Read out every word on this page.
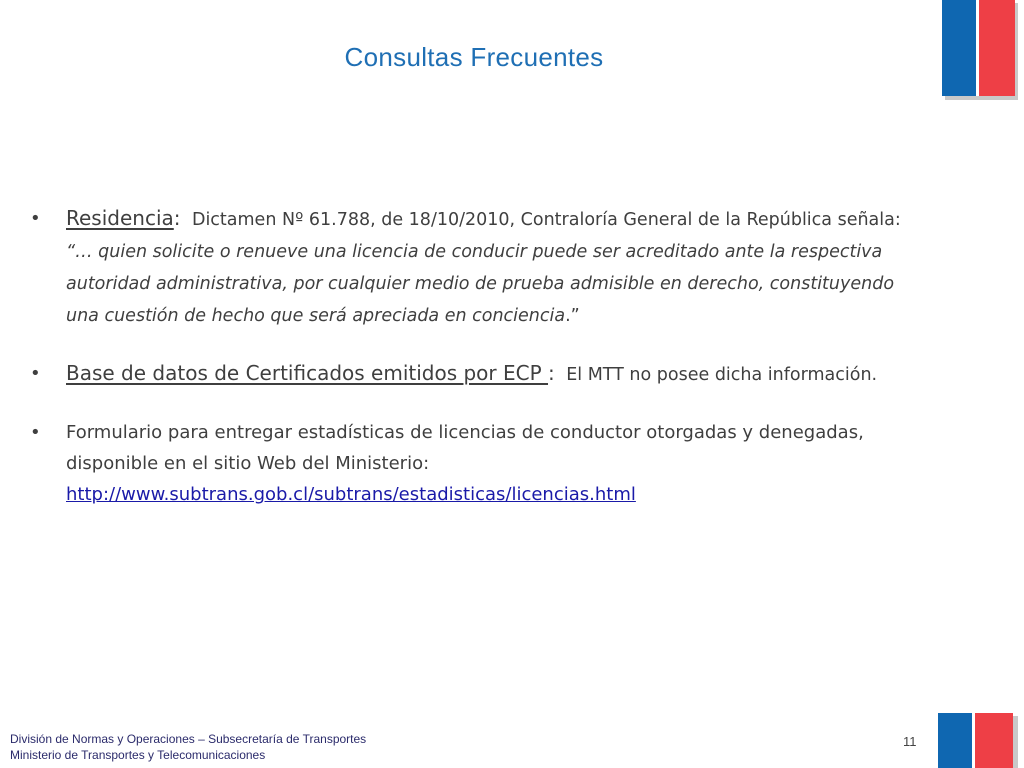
Consultas Frecuentes
• Residencia: Dictamen Nº 61.788, de 18/10/2010, Contraloría General de la República señala: “… quien solicite o renueve una licencia de conducir puede ser acreditado ante la respectiva autoridad administrativa, por cualquier medio de prueba admisible en derecho, constituyendo una cuestión de hecho que será apreciada en conciencia.”
• Base de datos de Certificados emitidos por ECP : El MTT no posee dicha información.
• Formulario para entregar estadísticas de licencias de conductor otorgadas y denegadas, disponible en el sitio Web del Ministerio:
http://www.subtrans.gob.cl/subtrans/estadisticas/licencias.html
División de Normas y Operaciones – Subsecretaría de Transportes
Ministerio de Transportes y Telecomunicaciones
11
